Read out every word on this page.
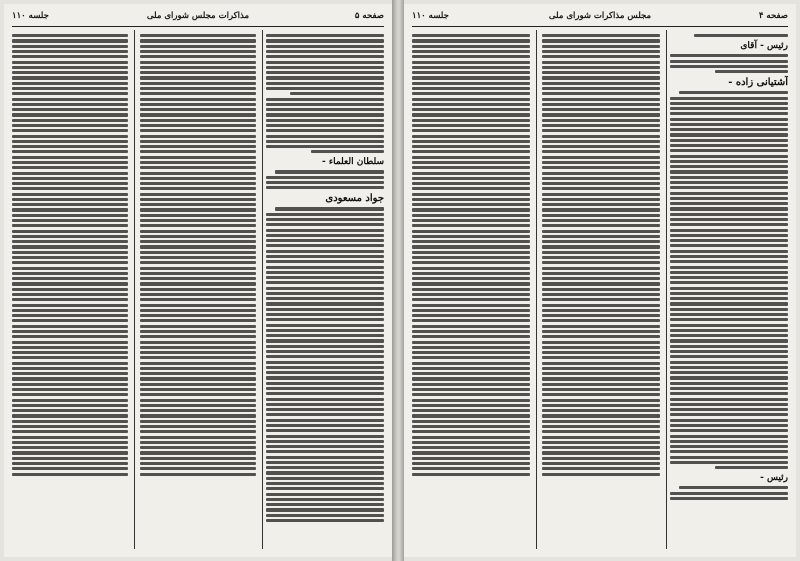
صفحه ۵
مذاکرات مجلس شورای ملی
جلسه ۱۱۰
سلطان العلماء -
جواد مسعودی
صفحه ۴
مجلس مذاکرات شورای ملی
جلسه ۱۱۰
رئیس - آقای
آشتیانی زاده -
رئیس -
